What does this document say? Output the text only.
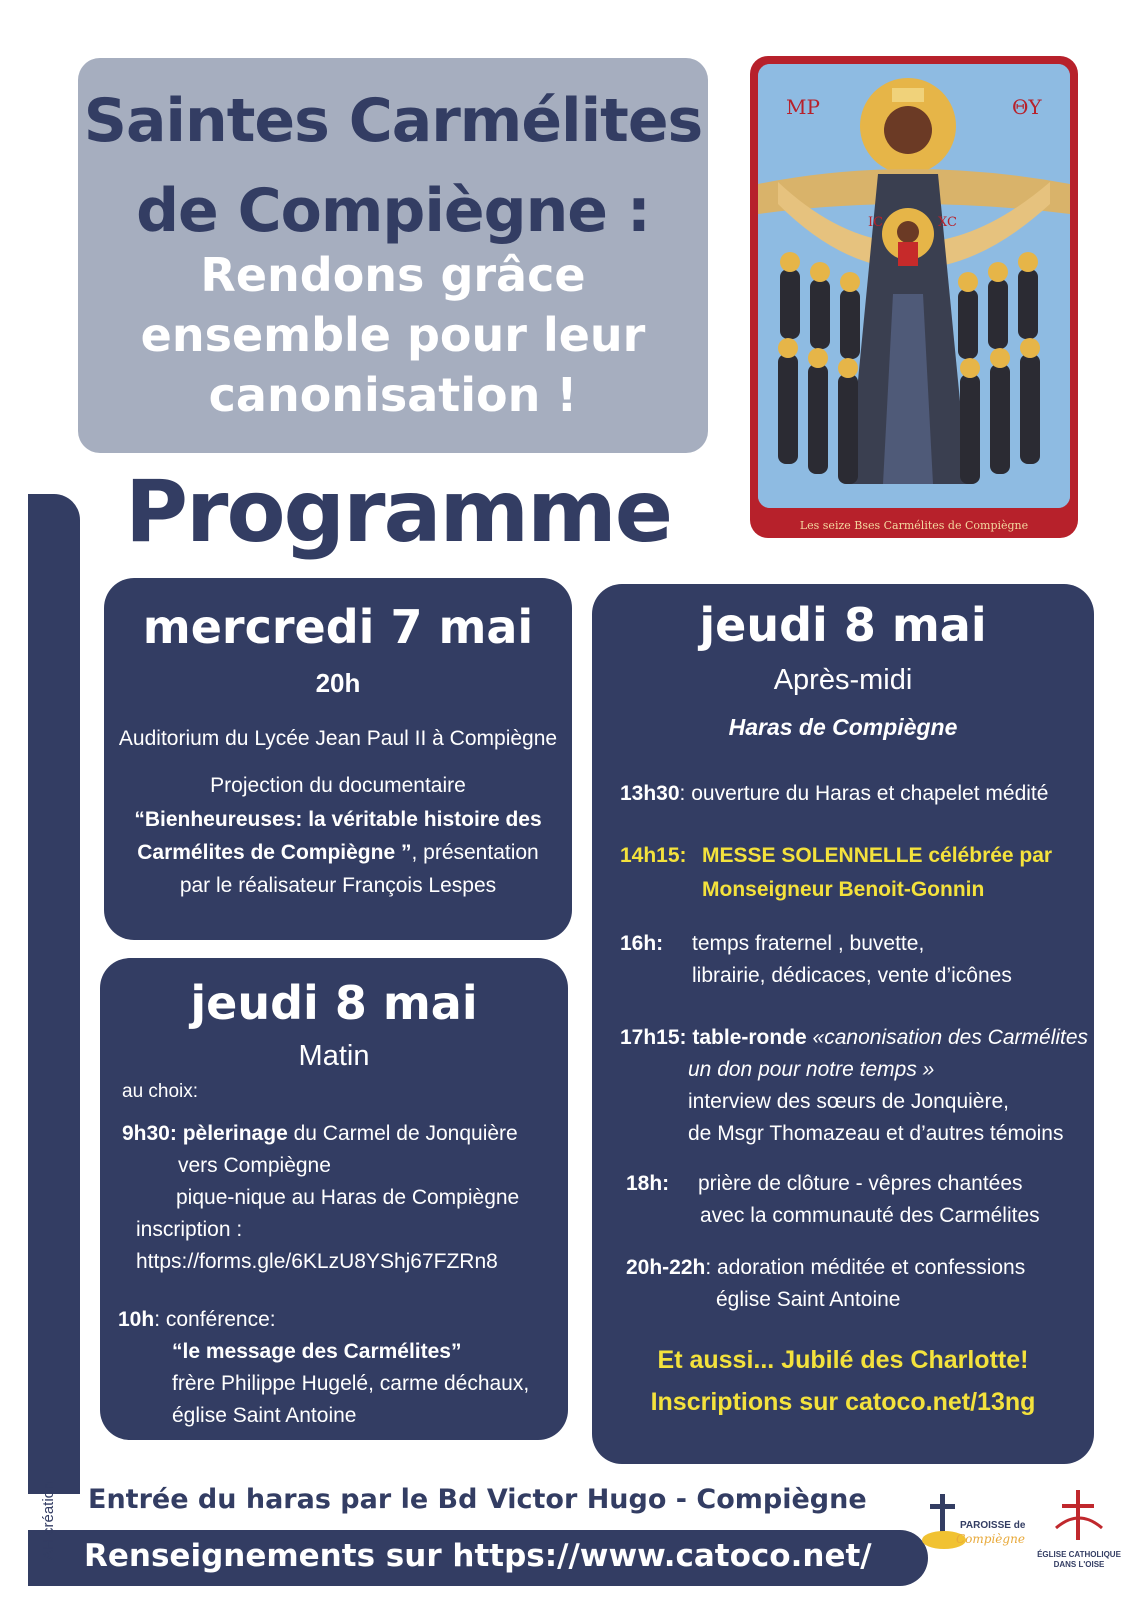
Saintes Carmélites
de Compiègne :
Rendons grâce
ensemble pour leur
canonisation !
MP	ΘΥ
IC	XC
Les seize Bses Carmélites de Compiègne
Programme
mercredi 7 mai
20h
Auditorium du Lycée Jean Paul II à Compiègne
Projection du documentaire
“Bienheureuses: la véritable histoire des
Carmélites de Compiègne ”, présentation
par le réalisateur François Lespes
jeudi 8 mai
Matin
au choix:
9h30: pèlerinage du Carmel de Jonquière
vers Compiègne
pique-nique au Haras de Compiègne
inscription :
https://forms.gle/6KLzU8YShj67FZRn8
10h: conférence:
“le message des Carmélites”
frère Philippe Hugelé, carme déchaux,
église Saint Antoine
jeudi 8 mai
Après-midi
Haras de Compiègne
13h30: ouverture du Haras et chapelet médité
14h15: MESSE SOLENNELLE célébrée par
Monseigneur Benoit-Gonnin
16h: temps fraternel , buvette,
librairie, dédicaces, vente d’icônes
17h15: table-ronde «canonisation des Carmélites :
un don pour notre temps »
interview des sœurs de Jonquière,
de Msgr Thomazeau et d’autres témoins
18h: prière de clôture - vêpres chantées
avec la communauté des Carmélites
20h-22h: adoration méditée et confessions
église Saint Antoine
Et aussi... Jubilé des Charlotte!
Inscriptions sur catoco.net/13ng
Entrée du haras par le Bd Victor Hugo - Compiègne
Renseignements sur https://www.catoco.net/
AH création	PAROISSE de
Compiègne
ÉGLISE CATHOLIQUE
DANS L'OISE
